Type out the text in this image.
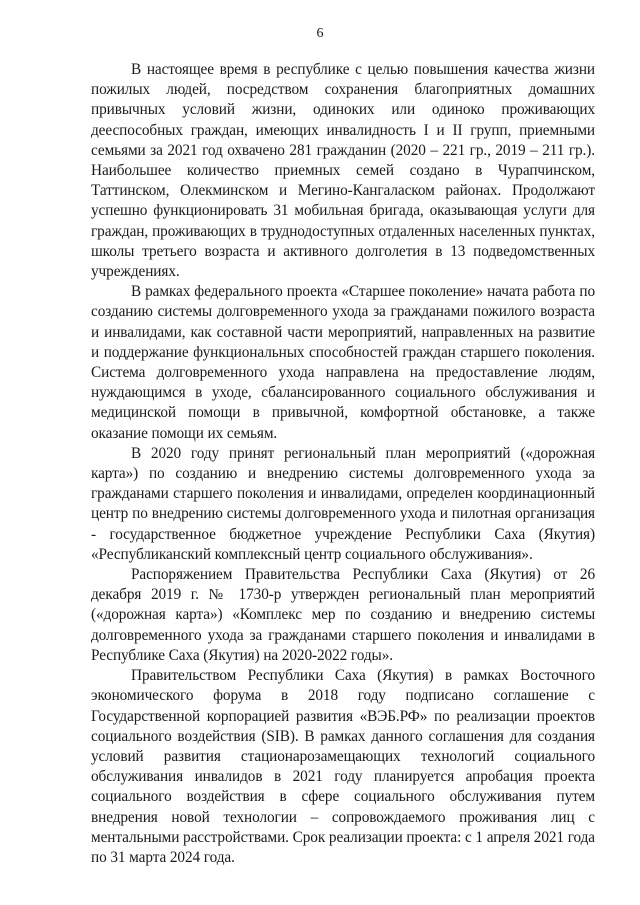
6

В настоящее время в республике с целью повышения качества жизни пожилых людей, посредством сохранения благоприятных домашних привычных условий жизни, одиноких или одиноко проживающих дееспособных граждан, имеющих инвалидность I и II групп, приемными семьями за 2021 год охвачено 281 гражданин (2020 – 221 гр., 2019 – 211 гр.). Наибольшее количество приемных семей создано в Чурапчинском, Таттинском, Олекминском и Мегино-Кангаласком районах. Продолжают успешно функционировать 31 мобильная бригада, оказывающая услуги для граждан, проживающих в труднодоступных отдаленных населенных пунктах, школы третьего возраста и активного долголетия в 13 подведомственных учреждениях.

В рамках федерального проекта «Старшее поколение» начата работа по созданию системы долговременного ухода за гражданами пожилого возраста и инвалидами, как составной части мероприятий, направленных на развитие и поддержание функциональных способностей граждан старшего поколения. Система долговременного ухода направлена на предоставление людям, нуждающимся в уходе, сбалансированного социального обслуживания и медицинской помощи в привычной, комфортной обстановке, а также оказание помощи их семьям.

В 2020 году принят региональный план мероприятий («дорожная карта») по созданию и внедрению системы долговременного ухода за гражданами старшего поколения и инвалидами, определен координационный центр по внедрению системы долговременного ухода и пилотная организация - государственное бюджетное учреждение Республики Саха (Якутия) «Республиканский комплексный центр социального обслуживания».

Распоряжением Правительства Республики Саха (Якутия) от 26 декабря 2019 г. № 1730-р утвержден региональный план мероприятий («дорожная карта») «Комплекс мер по созданию и внедрению системы долговременного ухода за гражданами старшего поколения и инвалидами в Республике Саха (Якутия) на 2020-2022 годы».

Правительством Республики Саха (Якутия) в рамках Восточного экономического форума в 2018 году подписано соглашение с Государственной корпорацией развития «ВЭБ.РФ» по реализации проектов социального воздействия (SIB). В рамках данного соглашения для создания условий развития стационарозамещающих технологий социального обслуживания инвалидов в 2021 году планируется апробация проекта социального воздействия в сфере социального обслуживания путем внедрения новой технологии – сопровождаемого проживания лиц с ментальными расстройствами. Срок реализации проекта: с 1 апреля 2021 года по 31 марта 2024 года.
